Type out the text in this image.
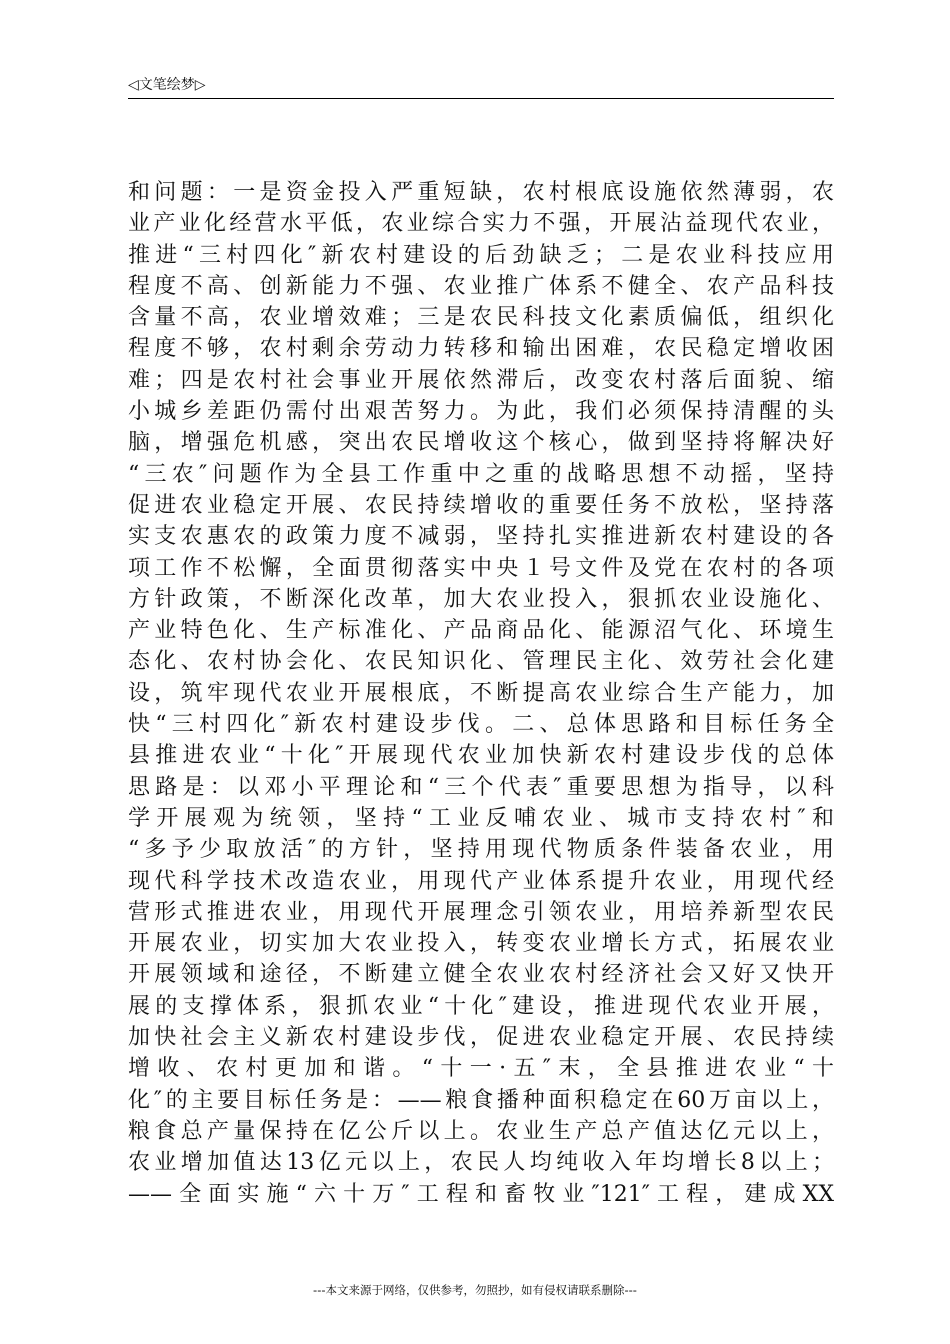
◁文笔绘梦▷
和问题：一是资金投入严重短缺，农村根底设施依然薄弱，农
业产业化经营水平低，农业综合实力不强，开展沾益现代农业，
推进“三村四化″新农村建设的后劲缺乏；二是农业科技应用
程度不高、创新能力不强、农业推广体系不健全、农产品科技
含量不高，农业增效难；三是农民科技文化素质偏低，组织化
程度不够，农村剩余劳动力转移和输出困难，农民稳定增收困
难；四是农村社会事业开展依然滞后，改变农村落后面貌、缩
小城乡差距仍需付出艰苦努力。为此，我们必须保持清醒的头
脑，增强危机感，突出农民增收这个核心，做到坚持将解决好
“三农″问题作为全县工作重中之重的战略思想不动摇，坚持
促进农业稳定开展、农民持续增收的重要任务不放松，坚持落
实支农惠农的政策力度不减弱，坚持扎实推进新农村建设的各
项工作不松懈，全面贯彻落实中央１号文件及党在农村的各项
方针政策，不断深化改革，加大农业投入，狠抓农业设施化、
产业特色化、生产标准化、产品商品化、能源沼气化、环境生
态化、农村协会化、农民知识化、管理民主化、效劳社会化建
设，筑牢现代农业开展根底，不断提高农业综合生产能力，加
快“三村四化″新农村建设步伐。二、总体思路和目标任务全
县推进农业“十化″开展现代农业加快新农村建设步伐的总体
思路是：以邓小平理论和“三个代表″重要思想为指导，以科
学开展观为统领，坚持“工业反哺农业、城市支持农村″和
“多予少取放活″的方针，坚持用现代物质条件装备农业，用
现代科学技术改造农业，用现代产业体系提升农业，用现代经
营形式推进农业，用现代开展理念引领农业，用培养新型农民
开展农业，切实加大农业投入，转变农业增长方式，拓展农业
开展领域和途径，不断建立健全农业农村经济社会又好又快开
展的支撑体系，狠抓农业“十化″建设，推进现代农业开展，
加快社会主义新农村建设步伐，促进农业稳定开展、农民持续
增收、农村更加和谐。“十一·五″末，全县推进农业“十
化″的主要目标任务是：——粮食播种面积稳定在60万亩以上，
粮食总产量保持在亿公斤以上。农业生产总产值达亿元以上，
农业增加值达13亿元以上，农民人均纯收入年均增长8以上；
——全面实施“六十万″工程和畜牧业″121″工程，建成XX
---本文来源于网络，仅供参考，勿照抄，如有侵权请联系删除---
